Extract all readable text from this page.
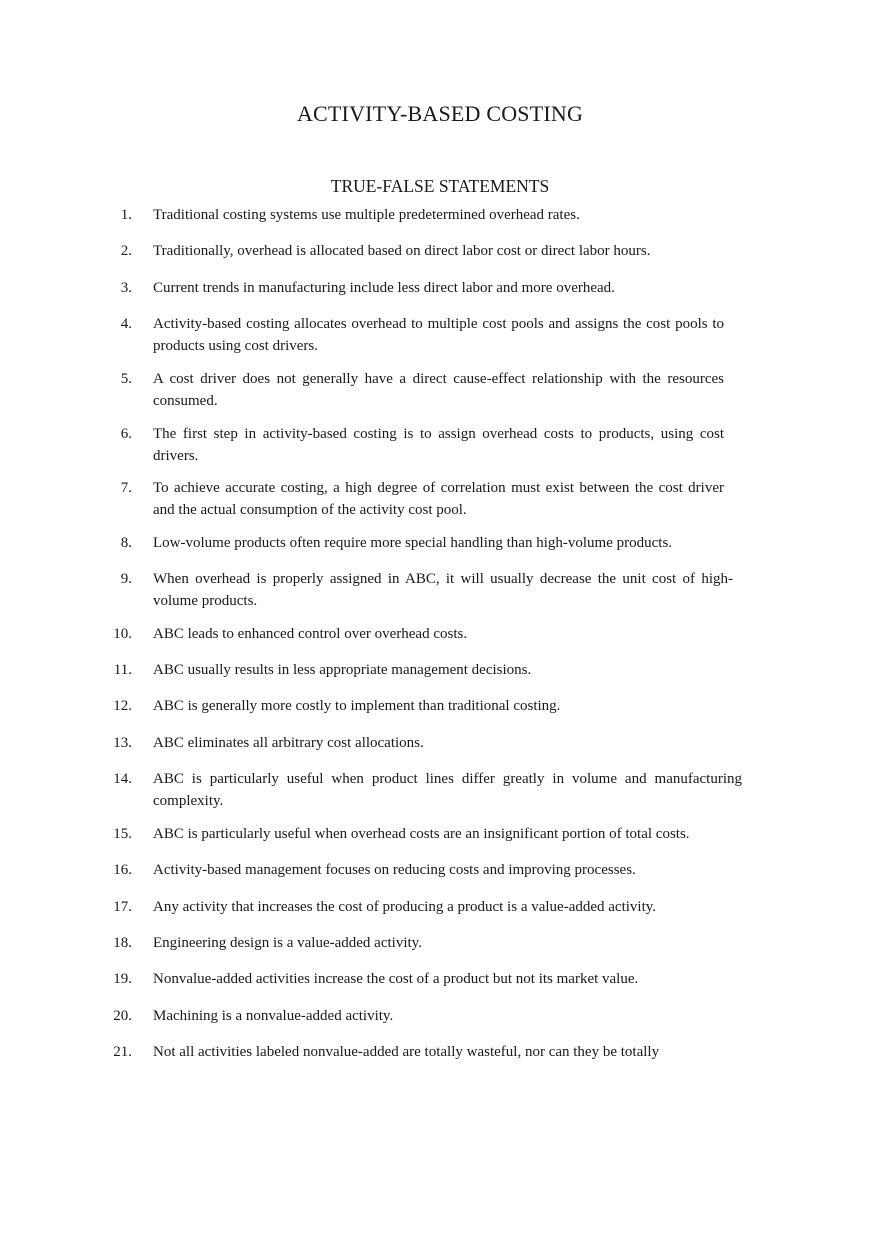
ACTIVITY-BASED COSTING
TRUE-FALSE STATEMENTS
1. Traditional costing systems use multiple predetermined overhead rates.
2. Traditionally, overhead is allocated based on direct labor cost or direct labor hours.
3. Current trends in manufacturing include less direct labor and more overhead.
4. Activity-based costing allocates overhead to multiple cost pools and assigns the cost pools to products using cost drivers.
5. A cost driver does not generally have a direct cause-effect relationship with the resources consumed.
6. The first step in activity-based costing is to assign overhead costs to products, using cost drivers.
7. To achieve accurate costing, a high degree of correlation must exist between the cost driver and the actual consumption of the activity cost pool.
8. Low-volume products often require more special handling than high-volume products.
9. When overhead is properly assigned in ABC, it will usually decrease the unit cost of high-volume products.
10. ABC leads to enhanced control over overhead costs.
11. ABC usually results in less appropriate management decisions.
12. ABC is generally more costly to implement than traditional costing.
13. ABC eliminates all arbitrary cost allocations.
14. ABC is particularly useful when product lines differ greatly in volume and manufacturing complexity.
15. ABC is particularly useful when overhead costs are an insignificant portion of total costs.
16. Activity-based management focuses on reducing costs and improving processes.
17. Any activity that increases the cost of producing a product is a value-added activity.
18. Engineering design is a value-added activity.
19. Nonvalue-added activities increase the cost of a product but not its market value.
20. Machining is a nonvalue-added activity.
21. Not all activities labeled nonvalue-added are totally wasteful, nor can they be totally
